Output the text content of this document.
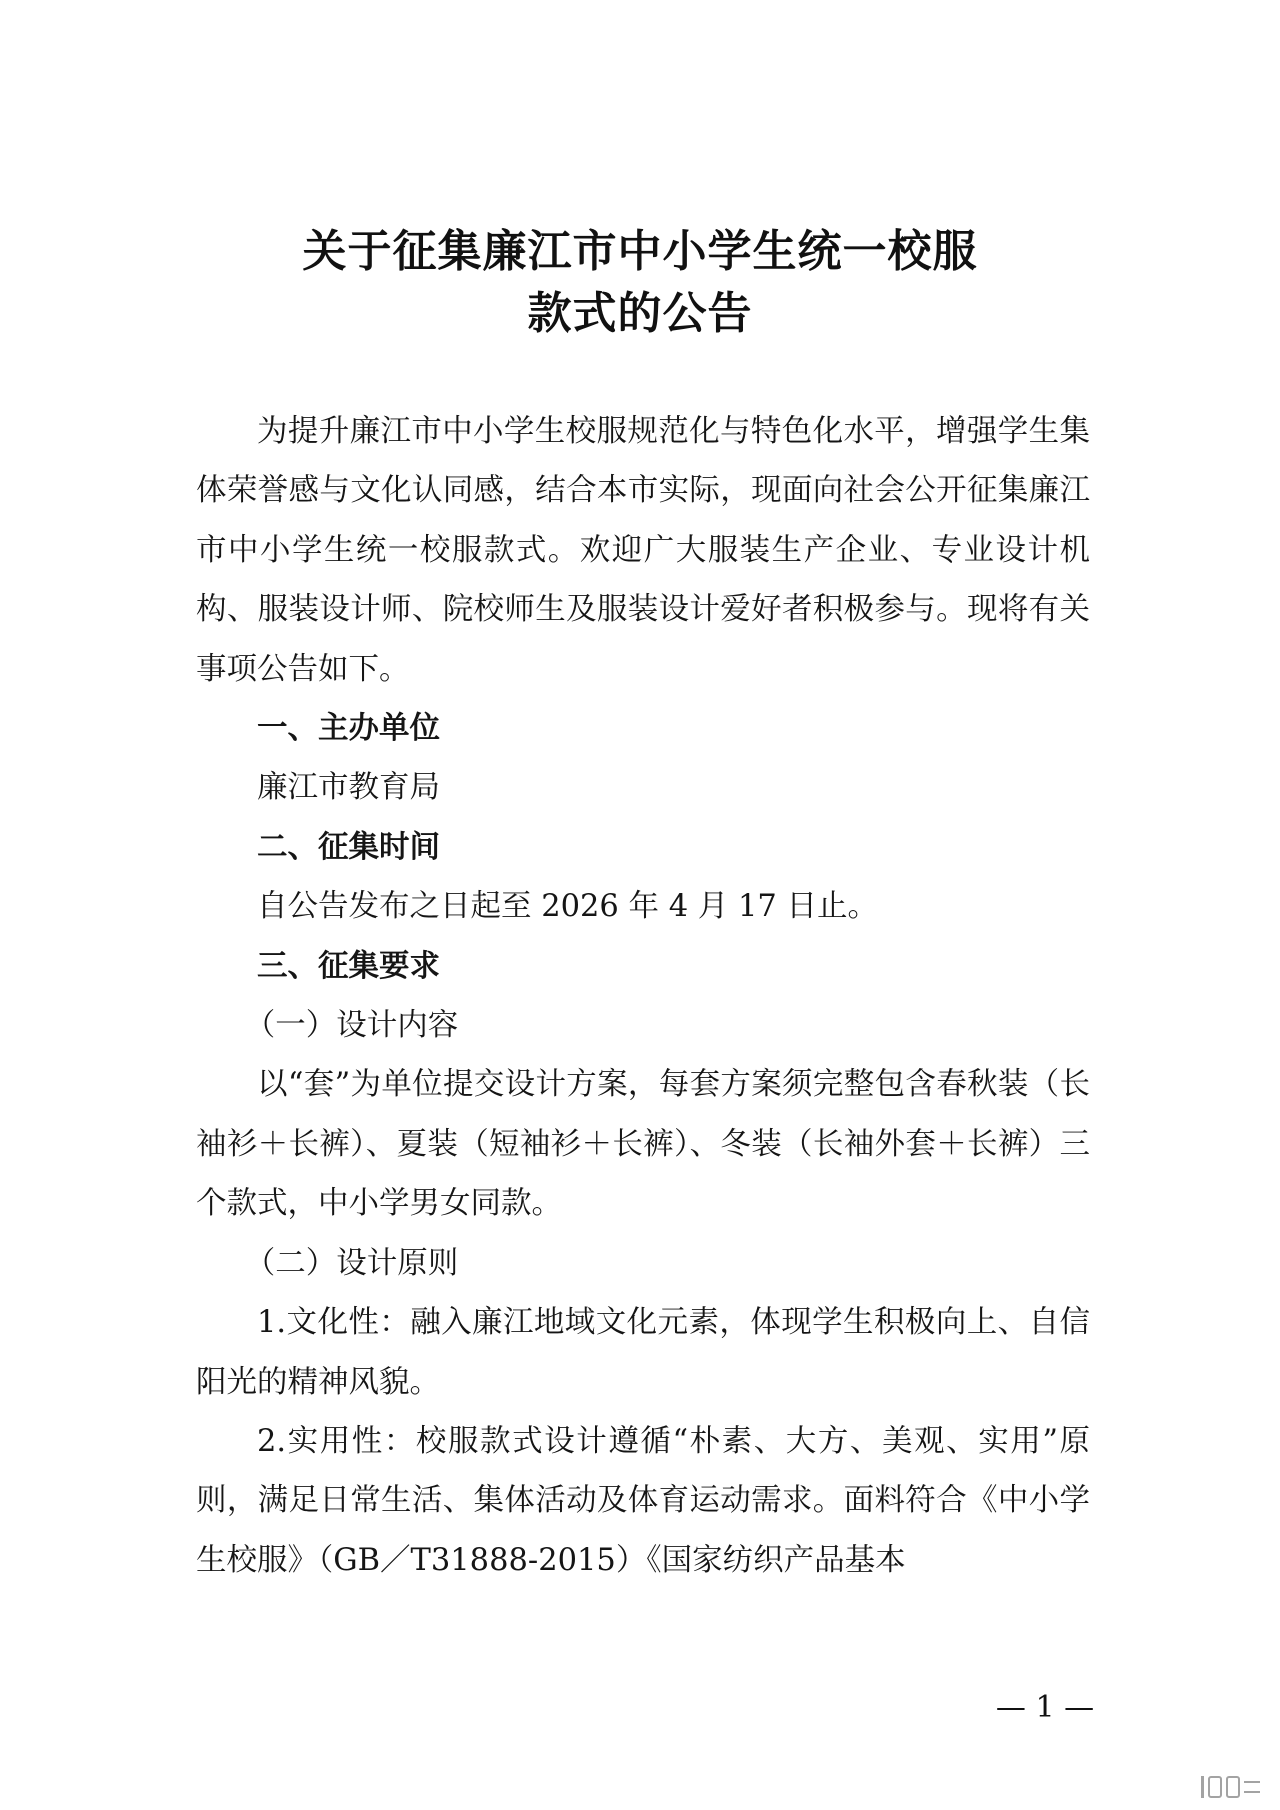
关于征集廉江市中小学生统一校服
款式的公告

为提升廉江市中小学生校服规范化与特色化水平，增强学生集体荣誉感与文化认同感，结合本市实际，现面向社会公开征集廉江市中小学生统一校服款式。欢迎广大服装生产企业、专业设计机构、服装设计师、院校师生及服装设计爱好者积极参与。现将有关事项公告如下。

一、主办单位

廉江市教育局

二、征集时间

自公告发布之日起至 2026 年 4 月 17 日止。

三、征集要求

（一）设计内容

以“套”为单位提交设计方案，每套方案须完整包含春秋装（长袖衫＋长裤）、夏装（短袖衫＋长裤）、冬装（长袖外套＋长裤）三个款式，中小学男女同款。

（二）设计原则

1.文化性：融入廉江地域文化元素，体现学生积极向上、自信阳光的精神风貌。

2.实用性：校服款式设计遵循“朴素、大方、美观、实用”原则，满足日常生活、集体活动及体育运动需求。面料符合《中小学生校服》（GB／T31888-2015）《国家纺织产品基本

— 1 —
